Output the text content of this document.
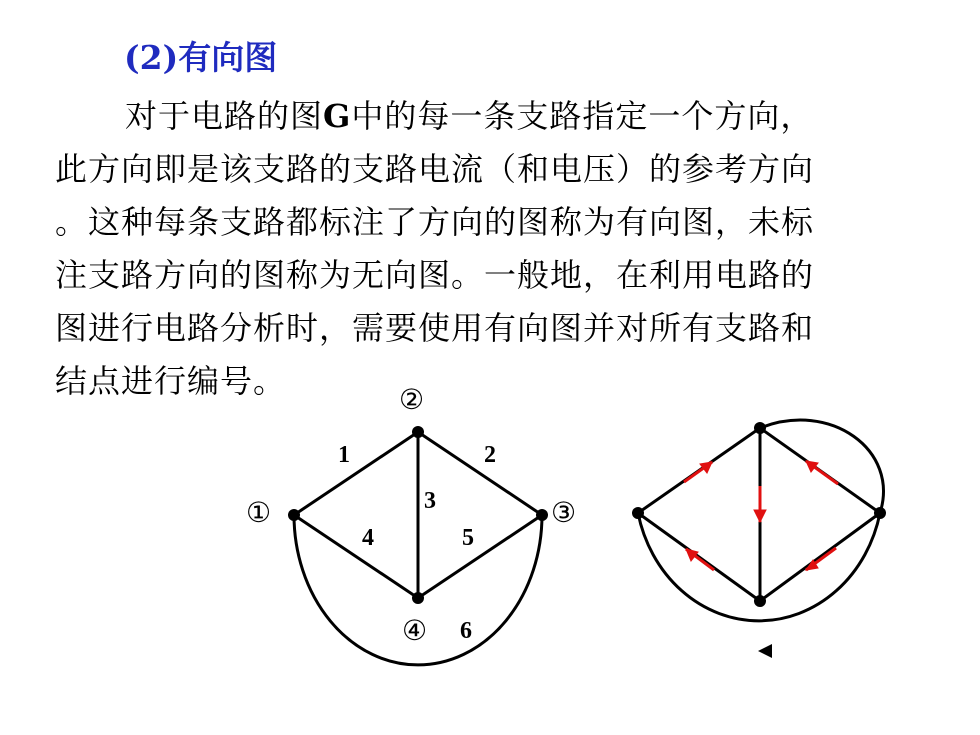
(2)有向图
对于电路的图G中的每一条支路指定一个方向，
此方向即是该支路的支路电流（和电压）的参考方向
。这种每条支路都标注了方向的图称为有向图，未标
注支路方向的图称为无向图。一般地，在利用电路的
图进行电路分析时，需要使用有向图并对所有支路和
结点进行编号。
①
②
③
④
1	2
3
4	5
6
